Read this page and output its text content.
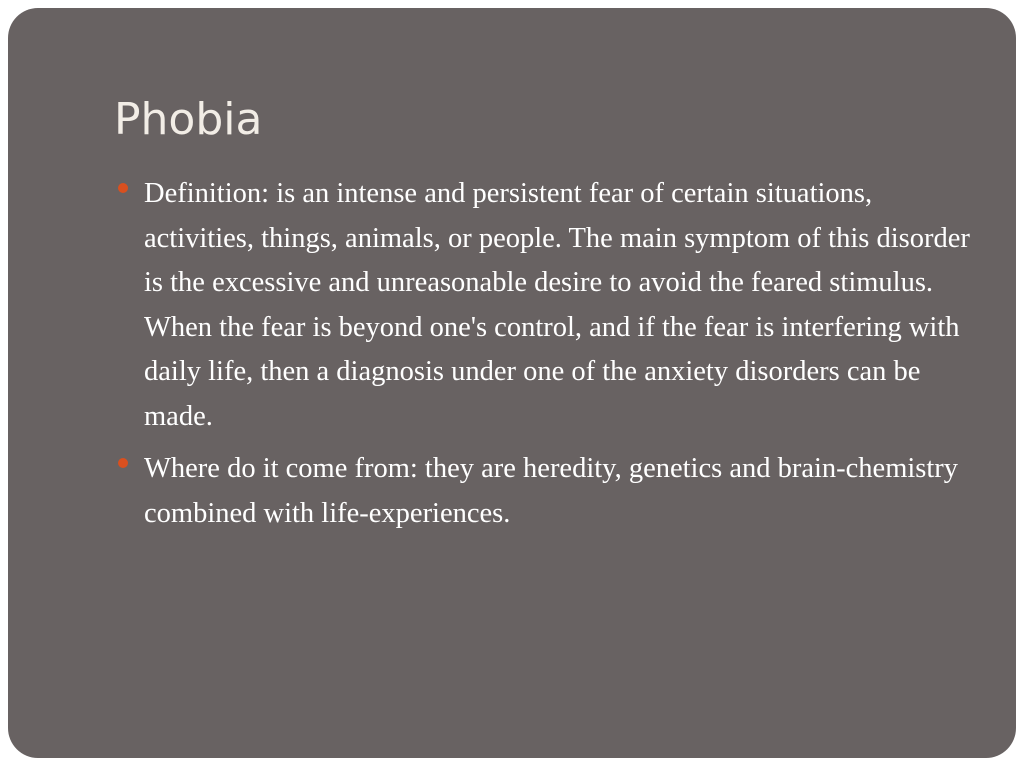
Phobia
Definition: is an intense and persistent fear of certain situations, activities, things, animals, or people. The main symptom of this disorder is the excessive and unreasonable desire to avoid the feared stimulus. When the fear is beyond one's control, and if the fear is interfering with daily life, then a diagnosis under one of the anxiety disorders can be made.
Where do it come from: they are heredity, genetics and brain-chemistry combined with life-experiences.
